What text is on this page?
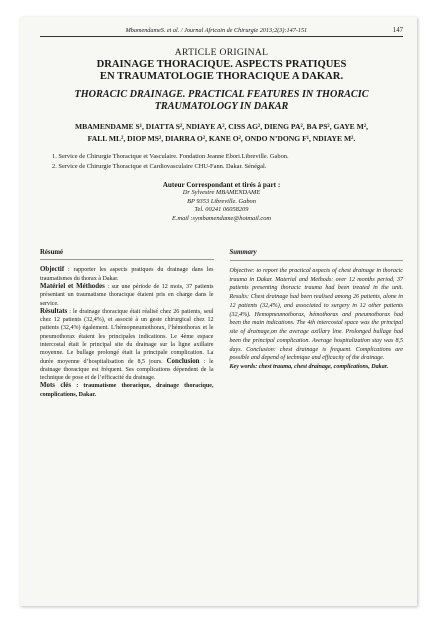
MbamendameS. et al. / Journal Africain de Chirurgie 2013;2(3):147-151	147
ARTICLE ORIGINAL
DRAINAGE THORACIQUE. ASPECTS PRATIQUES
EN TRAUMATOLOGIE THORACIQUE A DAKAR.
THORACIC DRAINAGE. PRACTICAL FEATURES IN THORACIC
TRAUMATOLOGY IN DAKAR
MBAMENDAME S¹, DIATTA S², NDIAYE A², CISS AG², DIENG PA², BA PS², GAYE M²,
FALL ML², DIOP MS², DIARRA O², KANE O², ONDO N’DONG F¹, NDIAYE M².
1. Service de Chirurgie Thoracique et Vasculaire. Fondation Jeanne Ebori.Libreville. Gabon.
2. Service de Chirurgie Thoracique et Cardiovasculaire CHU-Fann. Dakar. Sénégal.
Auteur Correspondant et tirés à part :
Dr Sylvestre MBAMENDAME
BP 9353 Libreville. Gabon
Tel. 00241 06058209
E.mail :symbamendame@hotmail.com
Résumé

Objectif : rapporter les aspects pratiques du drainage dans les traumatismes du thorax à Dakar.

Matériel et Méthodes : sur une période de 12 mois, 37 patients présentant un traumatisme thoracique étaient pris en charge dans le service.

Résultats : le drainage thoracique était réalisé chez 26 patients, seul chez 12 patients (32,4%), et associé à un geste chirurgical chez 12 patients (32,4%) également. L’hémopneumothorax, l’hémothorax et le pneumothorax étaient les principales indications. Le 4ème espace intercostal était le principal site du drainage sur la ligne axillaire moyenne. Le bullage prolongé était la principale complication. La durée moyenne d’hospitalisation de 8,5 jours. Conclusion : le drainage thoracique est fréquent. Ses complications dépendent de la technique de pose et de l’efficacité du drainage.

Mots clés : traumatisme thoracique, drainage thoracique, complications, Dakar.

Summary

Objective: to report the practical aspects of chest drainage in thoracic trauma in Dakar. Material and Methods: over 12 months period, 37 patients presenting thoracic trauma had been treated in the unit. Results: Chest drainage had been realised among 26 patients, alone in 12 patients (32,4%), and associated to surgery in 12 other patients (32,4%). Hemopneumothorax, hémothorax and pneumothorax had been the main indications. The 4th intercostal space was the principal site of drainage,on the average axillary line. Prolonged bullage had been the principal complication. Average hospitalization stay was 8,5 days. Conclusion: chest drainage is frequent. Complications are possible and depend of technique and efficacity of the drainage.

Key words: chest trauma, chest drainage, complications, Dakar.
